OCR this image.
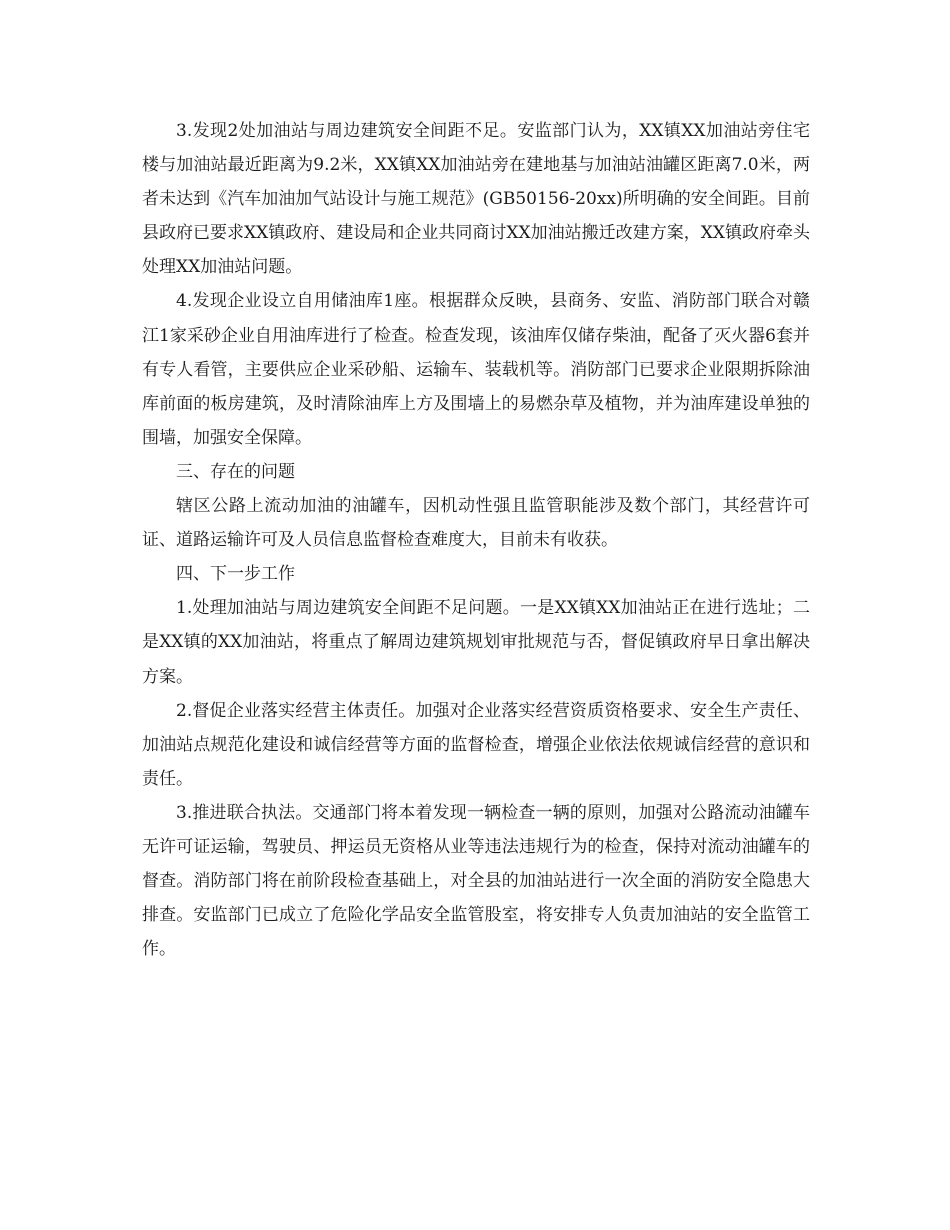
3.发现2处加油站与周边建筑安全间距不足。安监部门认为，XX镇XX加油站旁住宅楼与加油站最近距离为9.2米，XX镇XX加油站旁在建地基与加油站油罐区距离7.0米，两者未达到《汽车加油加气站设计与施工规范》(GB50156-20xx)所明确的安全间距。目前县政府已要求XX镇政府、建设局和企业共同商讨XX加油站搬迁改建方案，XX镇政府牵头处理XX加油站问题。

4.发现企业设立自用储油库1座。根据群众反映，县商务、安监、消防部门联合对赣江1家采砂企业自用油库进行了检查。检查发现，该油库仅储存柴油，配备了灭火器6套并有专人看管，主要供应企业采砂船、运输车、装载机等。消防部门已要求企业限期拆除油库前面的板房建筑，及时清除油库上方及围墙上的易燃杂草及植物，并为油库建设单独的围墙，加强安全保障。

三、存在的问题

辖区公路上流动加油的油罐车，因机动性强且监管职能涉及数个部门，其经营许可证、道路运输许可及人员信息监督检查难度大，目前未有收获。

四、下一步工作

1.处理加油站与周边建筑安全间距不足问题。一是XX镇XX加油站正在进行选址；二是XX镇的XX加油站，将重点了解周边建筑规划审批规范与否，督促镇政府早日拿出解决方案。

2.督促企业落实经营主体责任。加强对企业落实经营资质资格要求、安全生产责任、加油站点规范化建设和诚信经营等方面的监督检查，增强企业依法依规诚信经营的意识和责任。

3.推进联合执法。交通部门将本着发现一辆检查一辆的原则，加强对公路流动油罐车无许可证运输，驾驶员、押运员无资格从业等违法违规行为的检查，保持对流动油罐车的督查。消防部门将在前阶段检查基础上，对全县的加油站进行一次全面的消防安全隐患大排查。安监部门已成立了危险化学品安全监管股室，将安排专人负责加油站的安全监管工作。
